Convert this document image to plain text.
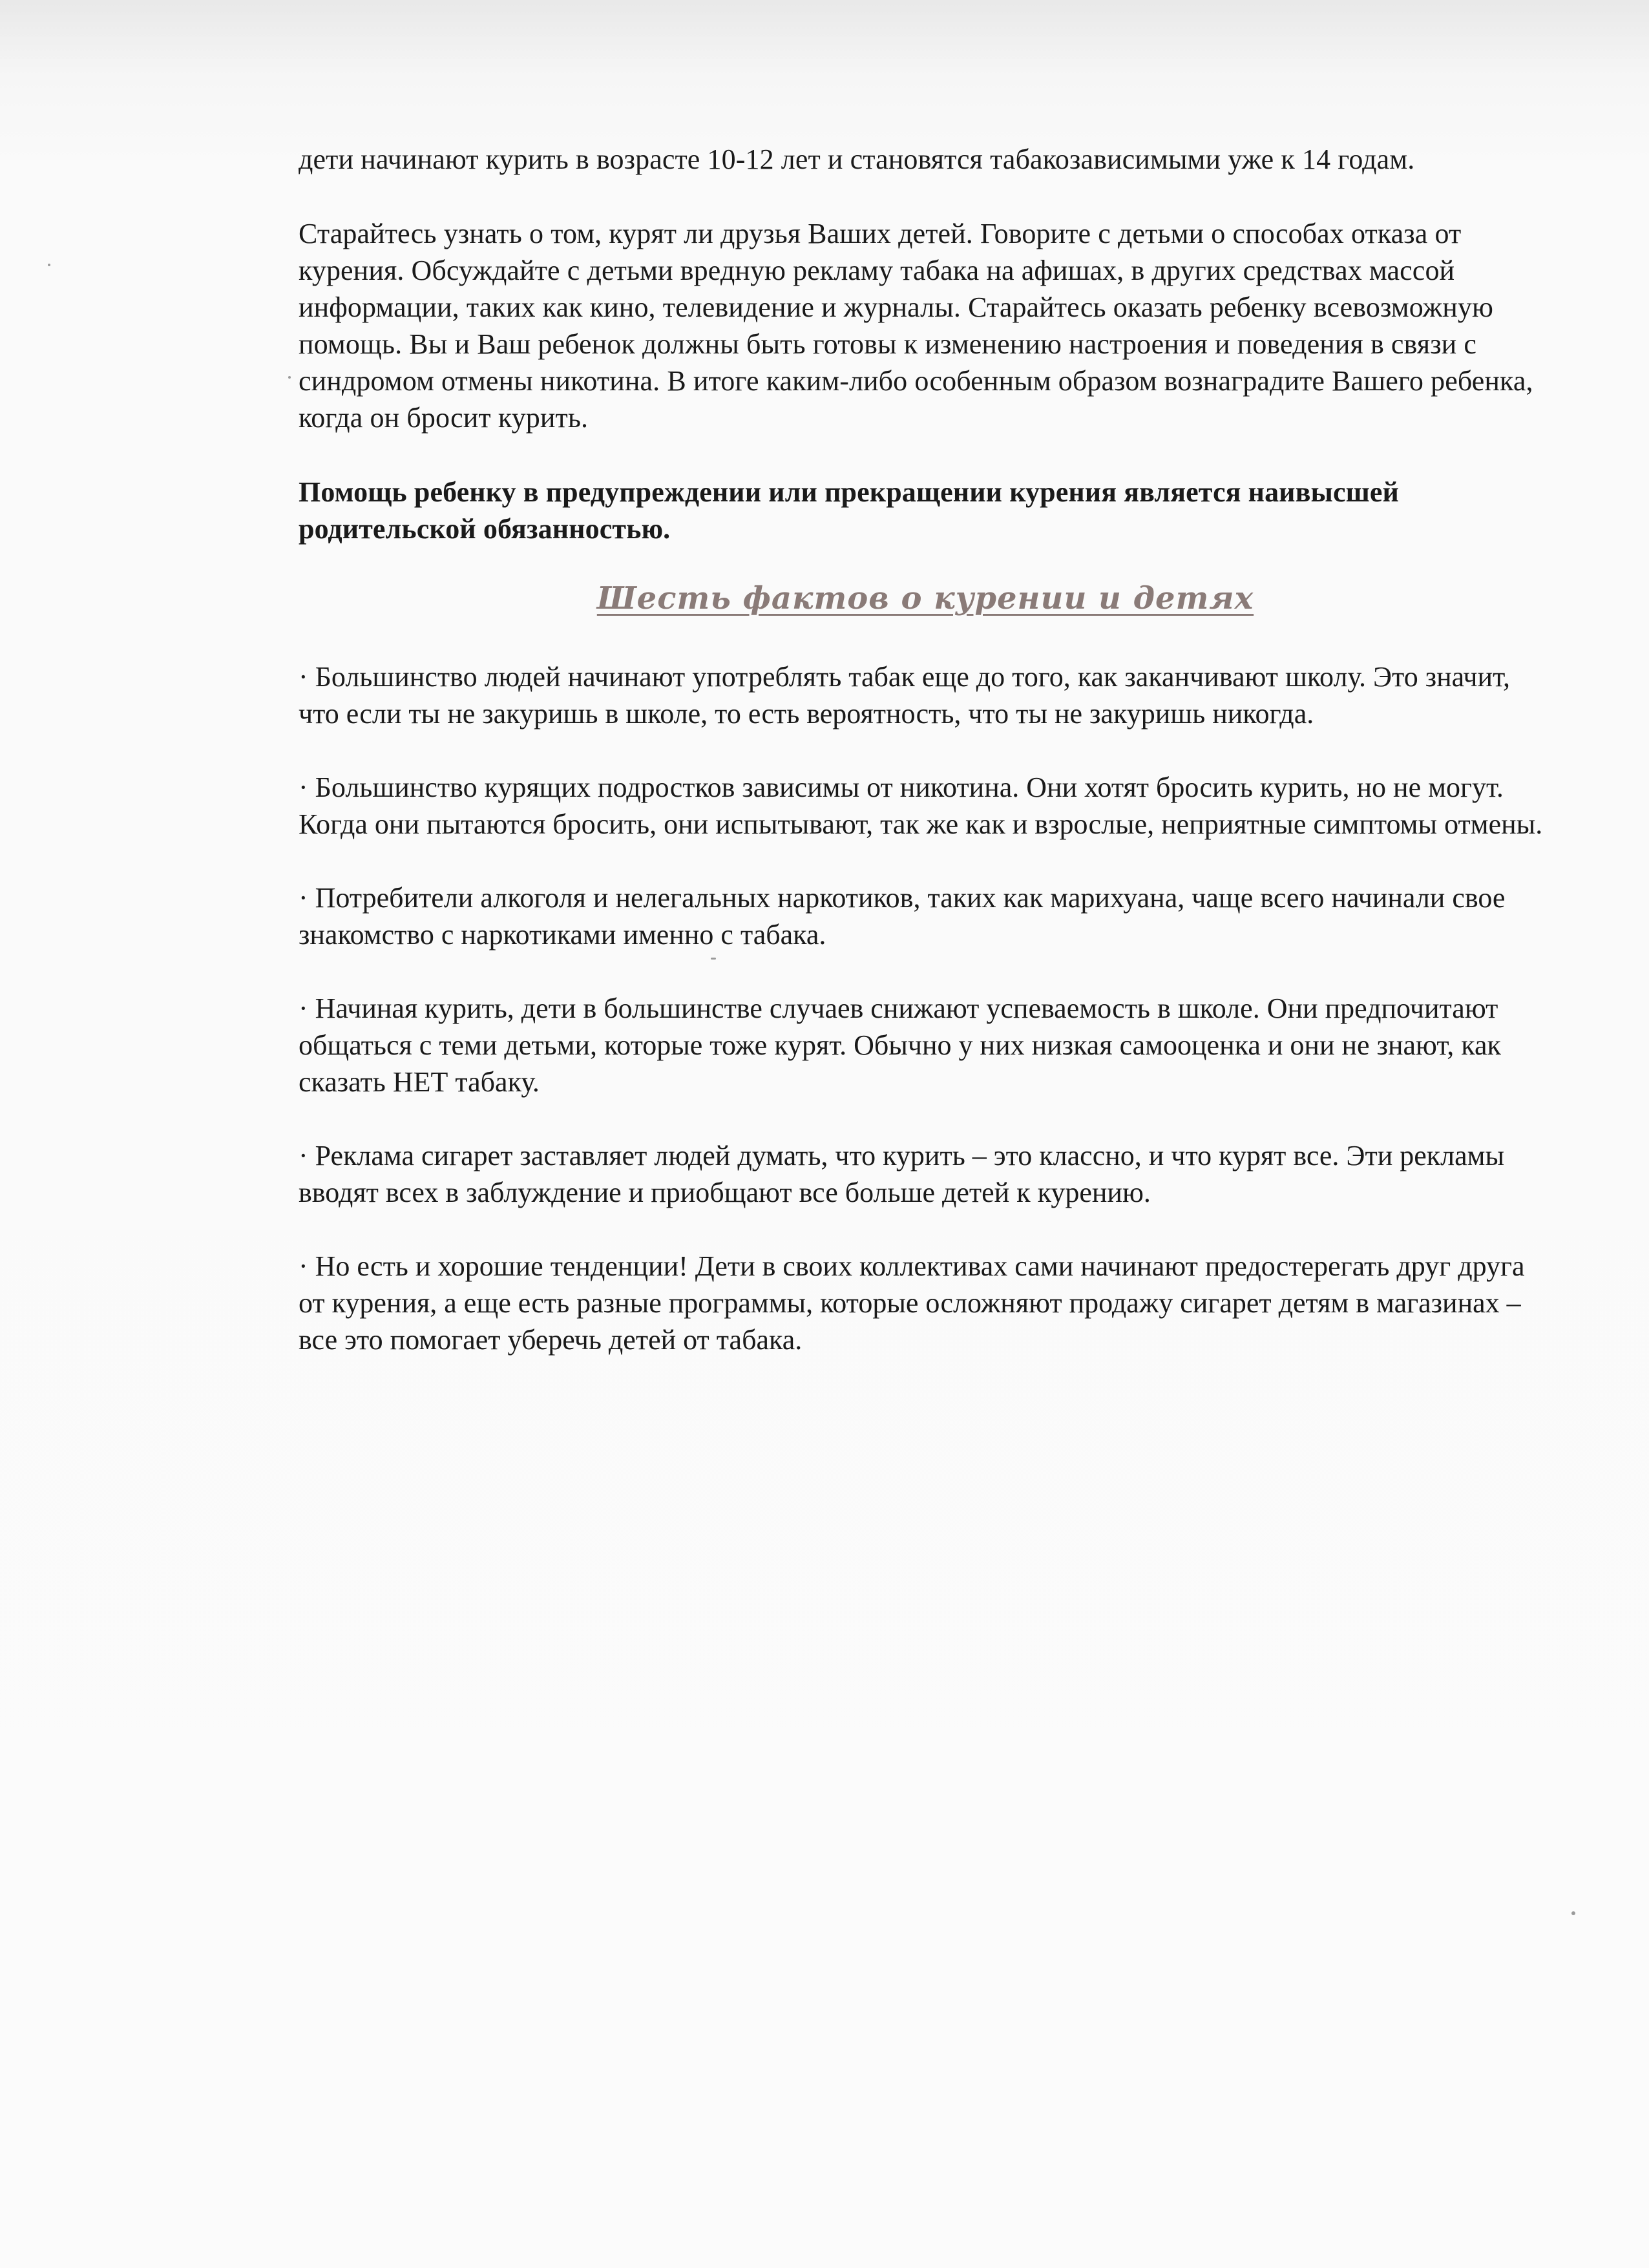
дети начинают курить в возрасте 10-12 лет и становятся табакозависимыми уже к 14 годам.

Старайтесь узнать о том, курят ли друзья Ваших детей. Говорите с детьми о способах отказа от курения. Обсуждайте с детьми вредную рекламу табака на афишах, в других средствах массой информации, таких как кино, телевидение и журналы. Старайтесь оказать ребенку всевозможную помощь. Вы и Ваш ребенок должны быть готовы к изменению настроения и поведения в связи с синдромом отмены никотина. В итоге каким-либо особенным образом вознаградите Вашего ребенка, когда он бросит курить.

Помощь ребенку в предупреждении или прекращении курения является наивысшей родительской обязанностью.

Шесть фактов о курении и детях

· Большинство людей начинают употреблять табак еще до того, как заканчивают школу. Это значит, что если ты не закуришь в школе, то есть вероятность, что ты не закуришь никогда.

· Большинство курящих подростков зависимы от никотина. Они хотят бросить курить, но не могут. Когда они пытаются бросить, они испытывают, так же как и взрослые, неприятные симптомы отмены.

· Потребители алкоголя и нелегальных наркотиков, таких как марихуана, чаще всего начинали свое знакомство с наркотиками именно с табака.

· Начиная курить, дети в большинстве случаев снижают успеваемость в школе. Они предпочитают общаться с теми детьми, которые тоже курят. Обычно у них низкая самооценка и они не знают, как сказать НЕТ табаку.

· Реклама сигарет заставляет людей думать, что курить – это классно, и что курят все. Эти рекламы вводят всех в заблуждение и приобщают все больше детей к курению.

· Но есть и хорошие тенденции! Дети в своих коллективах сами начинают предостерегать друг друга от курения, а еще есть разные программы, которые осложняют продажу сигарет детям в магазинах – все это помогает уберечь детей от табака.
